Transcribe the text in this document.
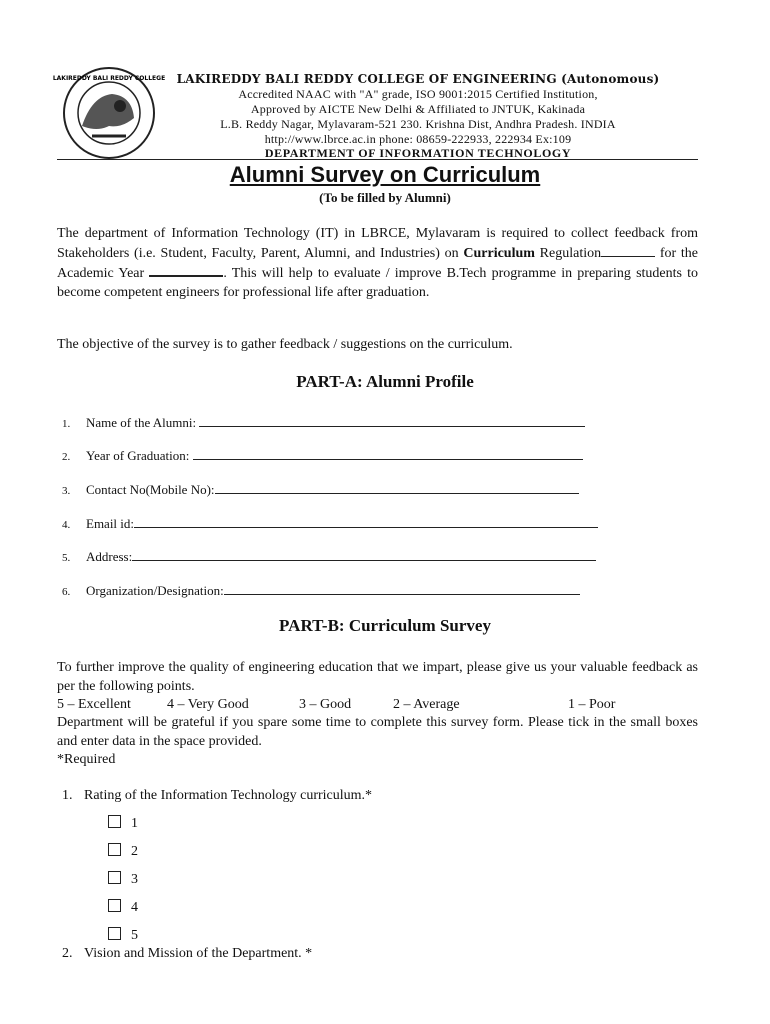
LAKIREDDY BALI REDDY COLLEGE LAKIREDDY BALI REDDY COLLEGE OF ENGINEERING (Autonomous)
Accredited NAAC with "A" grade, ISO 9001:2015 Certified Institution,
Approved by AICTE New Delhi & Affiliated to JNTUK, Kakinada
L.B. Reddy Nagar, Mylavaram-521 230. Krishna Dist, Andhra Pradesh. INDIA
http://www.lbrce.ac.in phone: 08659-222933, 222934 Ex:109
DEPARTMENT OF INFORMATION TECHNOLOGY
Alumni Survey on Curriculum
(To be filled by Alumni)
The department of Information Technology (IT) in LBRCE, Mylavaram is required to collect feedback from Stakeholders (i.e. Student, Faculty, Parent, Alumni, and Industries) on Curriculum Regulation	for the Academic Year	. This will help to evaluate / improve B.Tech programme in preparing students to become competent engineers for professional life after graduation.
The objective of the survey is to gather feedback / suggestions on the curriculum.
PART-A: Alumni Profile
1. Name of the Alumni:
2. Year of Graduation:
3. Contact No(Mobile No):
4. Email id:
5. Address:
6. Organization/Designation:
PART-B: Curriculum Survey
To further improve the quality of engineering education that we impart, please give us your valuable feedback as per the following points.
5 – Excellent	4 – Very Good	3 – Good	2 – Average	1 – Poor
Department will be grateful if you spare some time to complete this survey form. Please tick in the small boxes and enter data in the space provided.
*Required
1. Rating of the Information Technology curriculum.*
1
2
3
4
5
2. Vision and Mission of the Department. *
